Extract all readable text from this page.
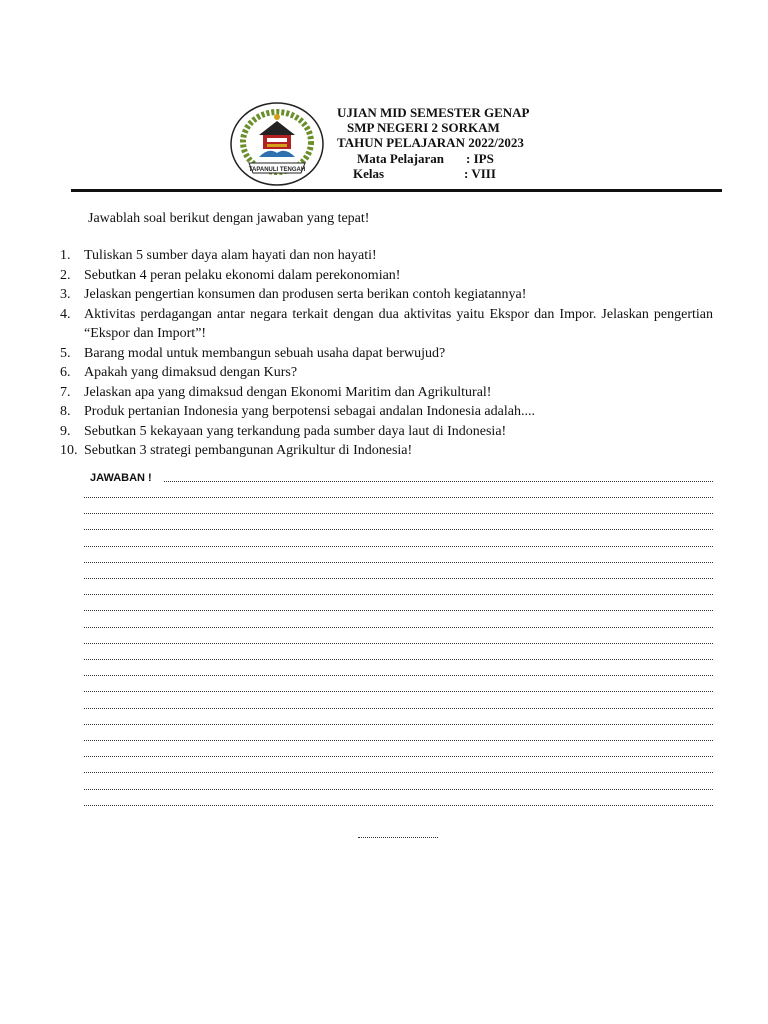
TAPANULI TENGAH
UJIAN MID SEMESTER GENAP
SMP NEGERI 2 SORKAM
TAHUN PELAJARAN 2022/2023
Mata Pelajaran : IPS
Kelas	: VIII
Jawablah soal berikut dengan jawaban yang tepat!
1. Tuliskan 5 sumber daya alam hayati dan non hayati!
2. Sebutkan 4 peran pelaku ekonomi dalam perekonomian!
3. Jelaskan pengertian konsumen dan produsen serta berikan contoh kegiatannya!
4. Aktivitas perdagangan antar negara terkait dengan dua aktivitas yaitu Ekspor dan Impor. Jelaskan pengertian “Ekspor dan Import”!
5. Barang modal untuk membangun sebuah usaha dapat berwujud?
6. Apakah yang dimaksud dengan Kurs?
7. Jelaskan apa yang dimaksud dengan Ekonomi Maritim dan Agrikultural!
8. Produk pertanian Indonesia yang berpotensi sebagai andalan Indonesia adalah....
9. Sebutkan 5 kekayaan yang terkandung pada sumber daya laut di Indonesia!
10. Sebutkan 3 strategi pembangunan Agrikultur di Indonesia!
JAWABAN !
